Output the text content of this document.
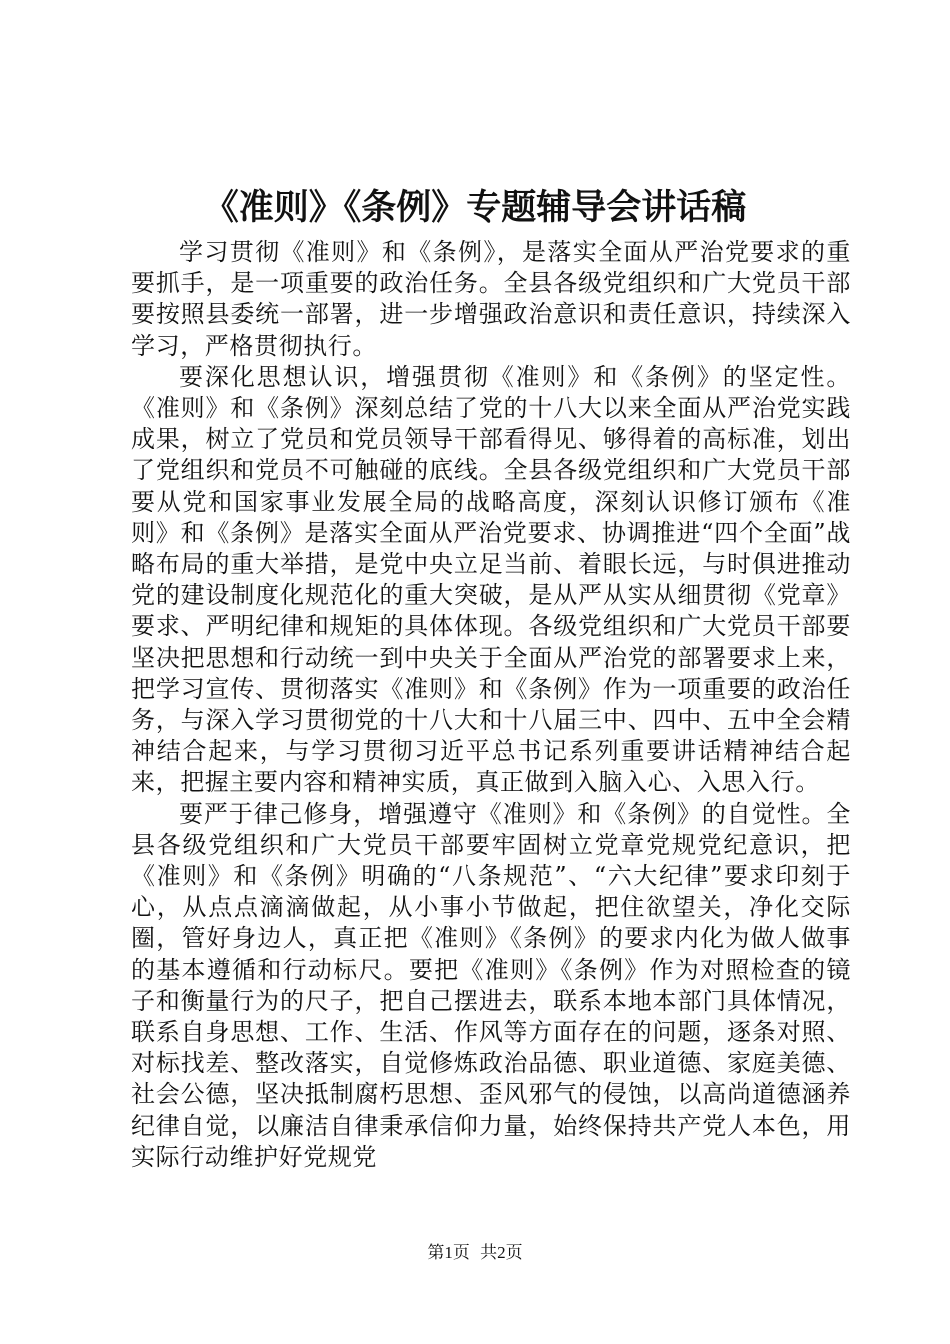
《准则》《条例》专题辅导会讲话稿

学习贯彻《准则》和《条例》，是落实全面从严治党要求的重要抓手，是一项重要的政治任务。全县各级党组织和广大党员干部要按照县委统一部署，进一步增强政治意识和责任意识，持续深入学习，严格贯彻执行。

要深化思想认识，增强贯彻《准则》和《条例》的坚定性。《准则》和《条例》深刻总结了党的十八大以来全面从严治党实践成果，树立了党员和党员领导干部看得见、够得着的高标准，划出了党组织和党员不可触碰的底线。全县各级党组织和广大党员干部要从党和国家事业发展全局的战略高度，深刻认识修订颁布《准则》和《条例》是落实全面从严治党要求、协调推进“四个全面”战略布局的重大举措，是党中央立足当前、着眼长远，与时俱进推动党的建设制度化规范化的重大突破，是从严从实从细贯彻《党章》要求、严明纪律和规矩的具体体现。各级党组织和广大党员干部要坚决把思想和行动统一到中央关于全面从严治党的部署要求上来，把学习宣传、贯彻落实《准则》和《条例》作为一项重要的政治任务，与深入学习贯彻党的十八大和十八届三中、四中、五中全会精神结合起来，与学习贯彻习近平总书记系列重要讲话精神结合起来，把握主要内容和精神实质，真正做到入脑入心、入思入行。

要严于律己修身，增强遵守《准则》和《条例》的自觉性。全县各级党组织和广大党员干部要牢固树立党章党规党纪意识，把《准则》和《条例》明确的“八条规范”、“六大纪律”要求印刻于心，从点点滴滴做起，从小事小节做起，把住欲望关，净化交际圈，管好身边人，真正把《准则》《条例》的要求内化为做人做事的基本遵循和行动标尺。要把《准则》《条例》作为对照检查的镜子和衡量行为的尺子，把自己摆进去，联系本地本部门具体情况，联系自身思想、工作、生活、作风等方面存在的问题，逐条对照、对标找差、整改落实，自觉修炼政治品德、职业道德、家庭美德、社会公德，坚决抵制腐朽思想、歪风邪气的侵蚀，以高尚道德涵养纪律自觉，以廉洁自律秉承信仰力量，始终保持共产党人本色，用实际行动维护好党规党

第1页 共2页
